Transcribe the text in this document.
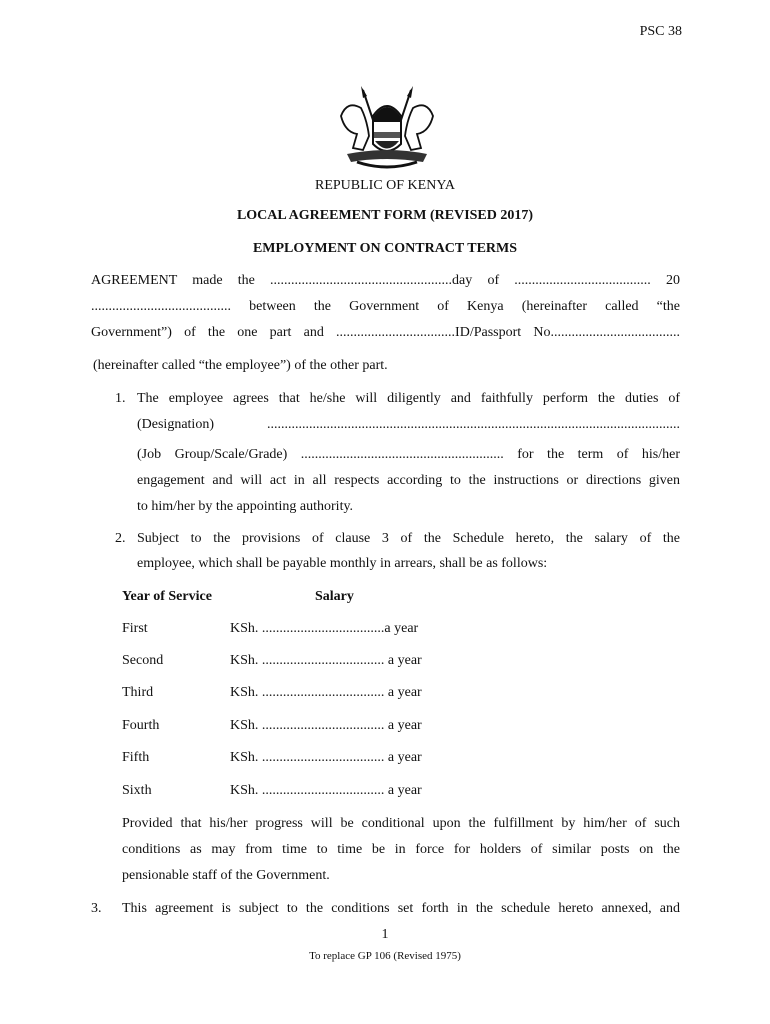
PSC 38
REPUBLIC OF KENYA
LOCAL AGREEMENT FORM (REVISED 2017)
EMPLOYMENT ON CONTRACT TERMS
AGREEMENT made the ....................................................day of ....................................... 20
........................................ between the Government of Kenya (hereinafter called “the
Government”) of the one part and ..................................ID/Passport No.....................................
(hereinafter called “the employee”) of the other part.
1. The employee agrees that he/she will diligently and faithfully perform the duties of
(Designation) ......................................................................................................................
(Job Group/Scale/Grade) .......................................................... for the term of his/her
engagement and will act in all respects according to the instructions or directions given
to him/her by the appointing authority.
2. Subject to the provisions of clause 3 of the Schedule hereto, the salary of the
employee, which shall be payable monthly in arrears, shall be as follows:
Year of Service	Salary
First	KSh. ...................................a year
Second	KSh. ................................... a year
Third	KSh. ................................... a year
Fourth	KSh. ................................... a year
Fifth	KSh. ................................... a year
Sixth	KSh. ................................... a year
Provided that his/her progress will be conditional upon the fulfillment by him/her of such
conditions as may from time to time be in force for holders of similar posts on the
pensionable staff of the Government.
3. This agreement is subject to the conditions set forth in the schedule hereto annexed, and
1
To replace GP 106 (Revised 1975)
